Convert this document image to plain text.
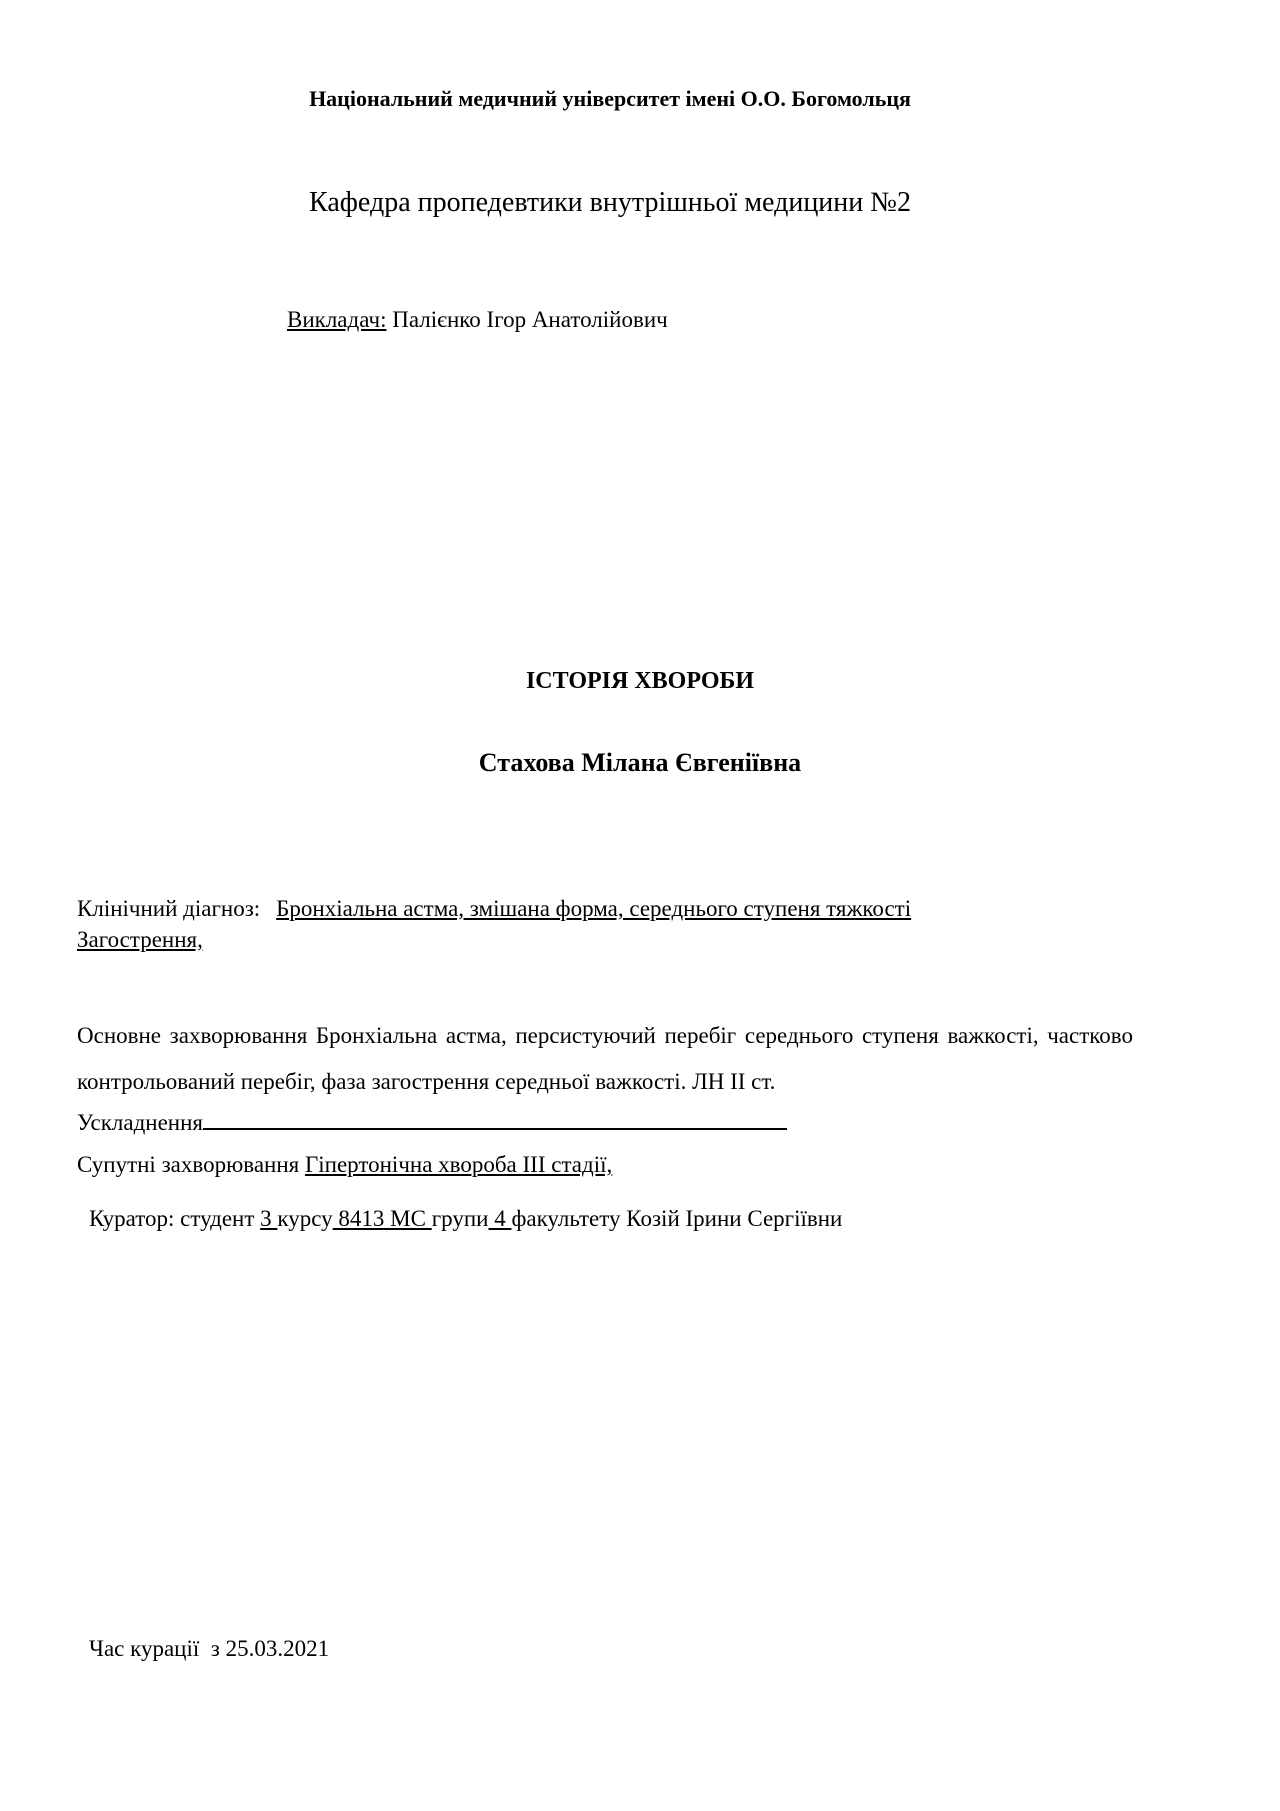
Національний медичний університет імені О.О. Богомольця
Кафедра пропедевтики внутрішньої медицини №2
Викладач: Палієнко Ігор Анатолійович
ІСТОРІЯ ХВОРОБИ
Стахова Мілана Євгеніївна
Клінічний діагноз: Бронхіальна астма, змішана форма, середнього ступеня тяжкості
Загострення,
Основне захворювання Бронхіальна астма, персистуючий перебіг середнього ступеня важкості, частково контрольований перебіг, фаза загострення середньої важкості. ЛН ІІ ст.
Ускладнення
Супутні захворювання Гіпертонічна хвороба ІІІ стадії,
Куратор: студент 3 курсу 8413 МС групи 4 факультету Козій Ірини Сергіївни
Час курації з 25.03.2021
